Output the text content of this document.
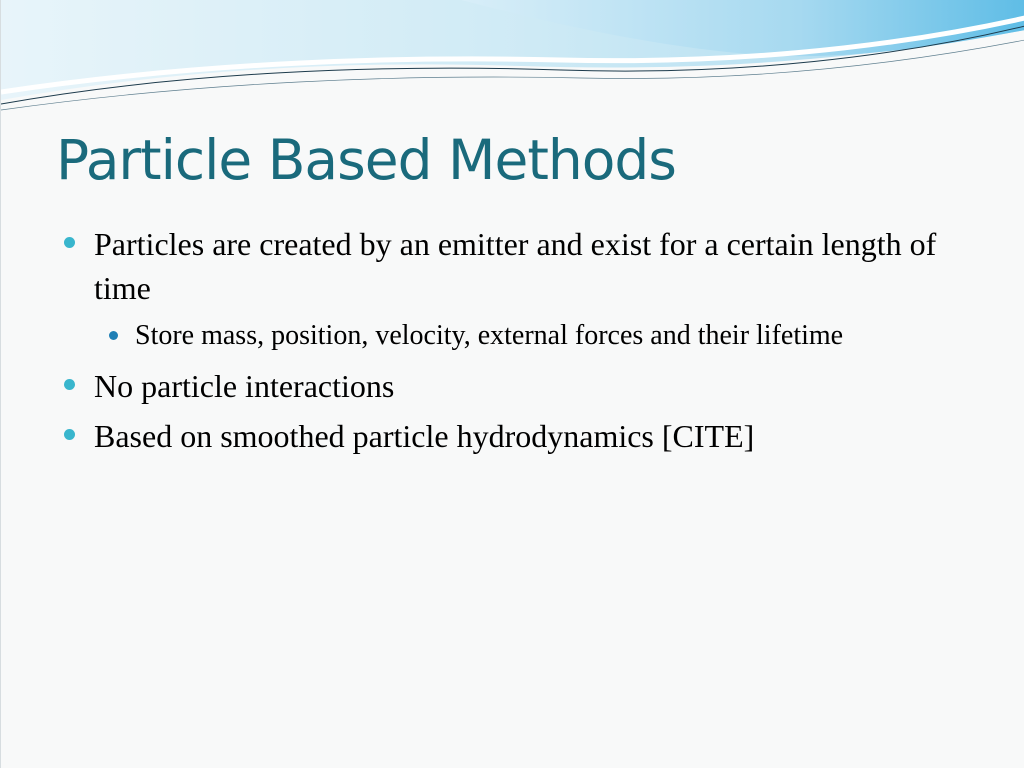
Particle Based Methods
Particles are created by an emitter and exist for a certain length of time
Store mass, position, velocity, external forces and their lifetime
No particle interactions
Based on smoothed particle hydrodynamics [CITE]
